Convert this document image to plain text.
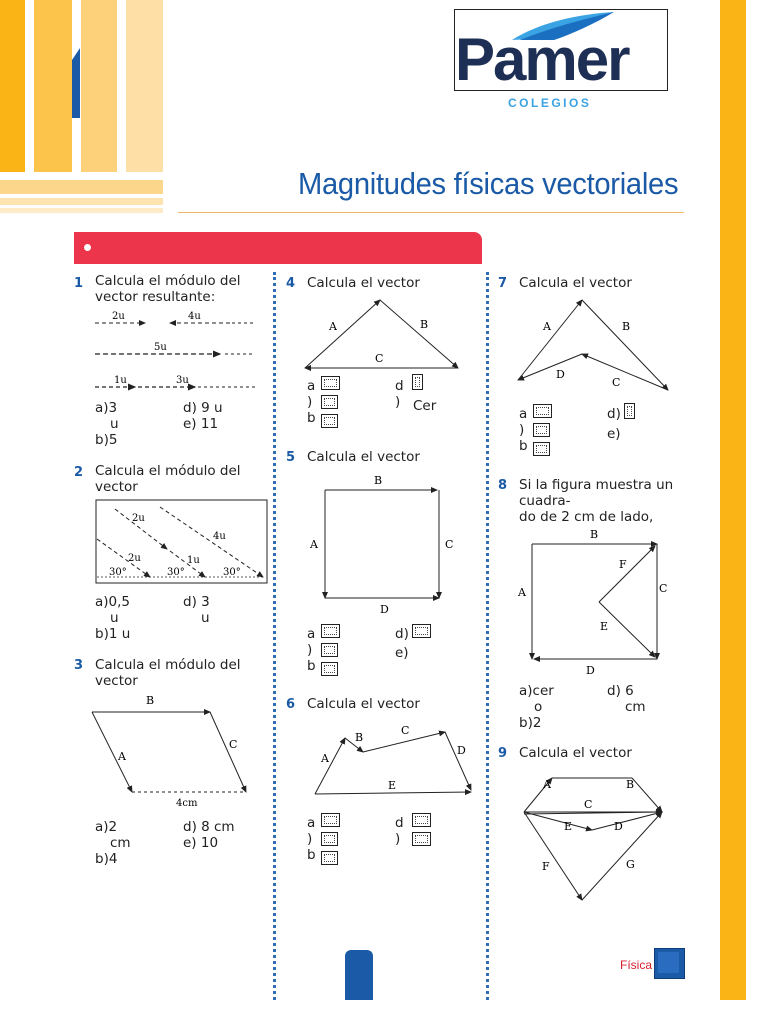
Pamer
COLEGIOS
Magnitudes físicas vectoriales
1 Calcula el módulo del
vector resultante:
2u	4u
5u
1u	3u
a)3
u
b)5
d) 9 u
e) 11
2 Calcula el módulo del
vector
2u
4u
2u	1u
30°	30°	30°
a)0,5
u
b)1 u
d) 3
u
3 Calcula el módulo del
vector
B
A
C
4cm
a)2
cm
b)4
d) 8 cm
e) 10
4 Calcula el vector
A	B
C
a
)
b
d
) Cer
5 Calcula el vector
B
A	C
D
a
)
b
d)
e)
6 Calcula el vector
A
B
C
D
E
a
)
b
d
)
7 Calcula el vector
A	B
D
C
a
)
b
d)
e)
8 Si la figura muestra un
cuadra-
do de 2 cm de lado,
B
A	C
F
E
D
a)cer
o
b)2
d) 6
cm
9 Calcula el vector
A	B
C
E	D
F	G
Física
